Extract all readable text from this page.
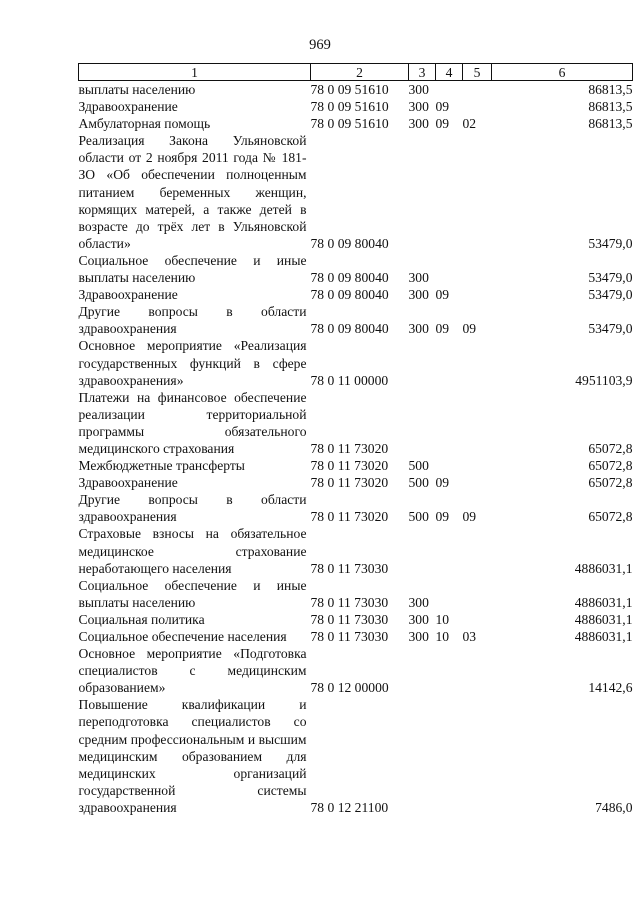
969
1	2	3	4	5	6
выплаты населению	78 0 09 51610	300			86813,5
Здравоохранение	78 0 09 51610	300	09		86813,5
Амбулаторная помощь	78 0 09 51610	300	09	02	86813,5
Реализация Закона Ульяновской области от 2 ноября 2011 года № 181-ЗО «Об обеспечении полноценным питанием беременных женщин, кормящих матерей, а также детей в возрасте до трёх лет в Ульяновской области»	78 0 09 80040				53479,0
Социальное обеспечение и иные выплаты населению	78 0 09 80040	300			53479,0
Здравоохранение	78 0 09 80040	300	09		53479,0
Другие вопросы в области здравоохранения	78 0 09 80040	300	09	09	53479,0
Основное мероприятие «Реализация государственных функций в сфере здравоохранения»	78 0 11 00000				4951103,9
Платежи на финансовое обеспечение реализации территориальной программы обязательного медицинского страхования	78 0 11 73020				65072,8
Межбюджетные трансферты	78 0 11 73020	500			65072,8
Здравоохранение	78 0 11 73020	500	09		65072,8
Другие вопросы в области здравоохранения	78 0 11 73020	500	09	09	65072,8
Страховые взносы на обязательное медицинское страхование неработающего населения	78 0 11 73030				4886031,1
Социальное обеспечение и иные выплаты населению	78 0 11 73030	300			4886031,1
Социальная политика	78 0 11 73030	300	10		4886031,1
Социальное обеспечение населения	78 0 11 73030	300	10	03	4886031,1
Основное мероприятие «Подготовка специалистов с медицинским образованием»	78 0 12 00000				14142,6
Повышение квалификации и переподготовка специалистов со средним профессиональным и высшим медицинским образованием для медицинских организаций государственной системы здравоохранения	78 0 12 21100				7486,0
